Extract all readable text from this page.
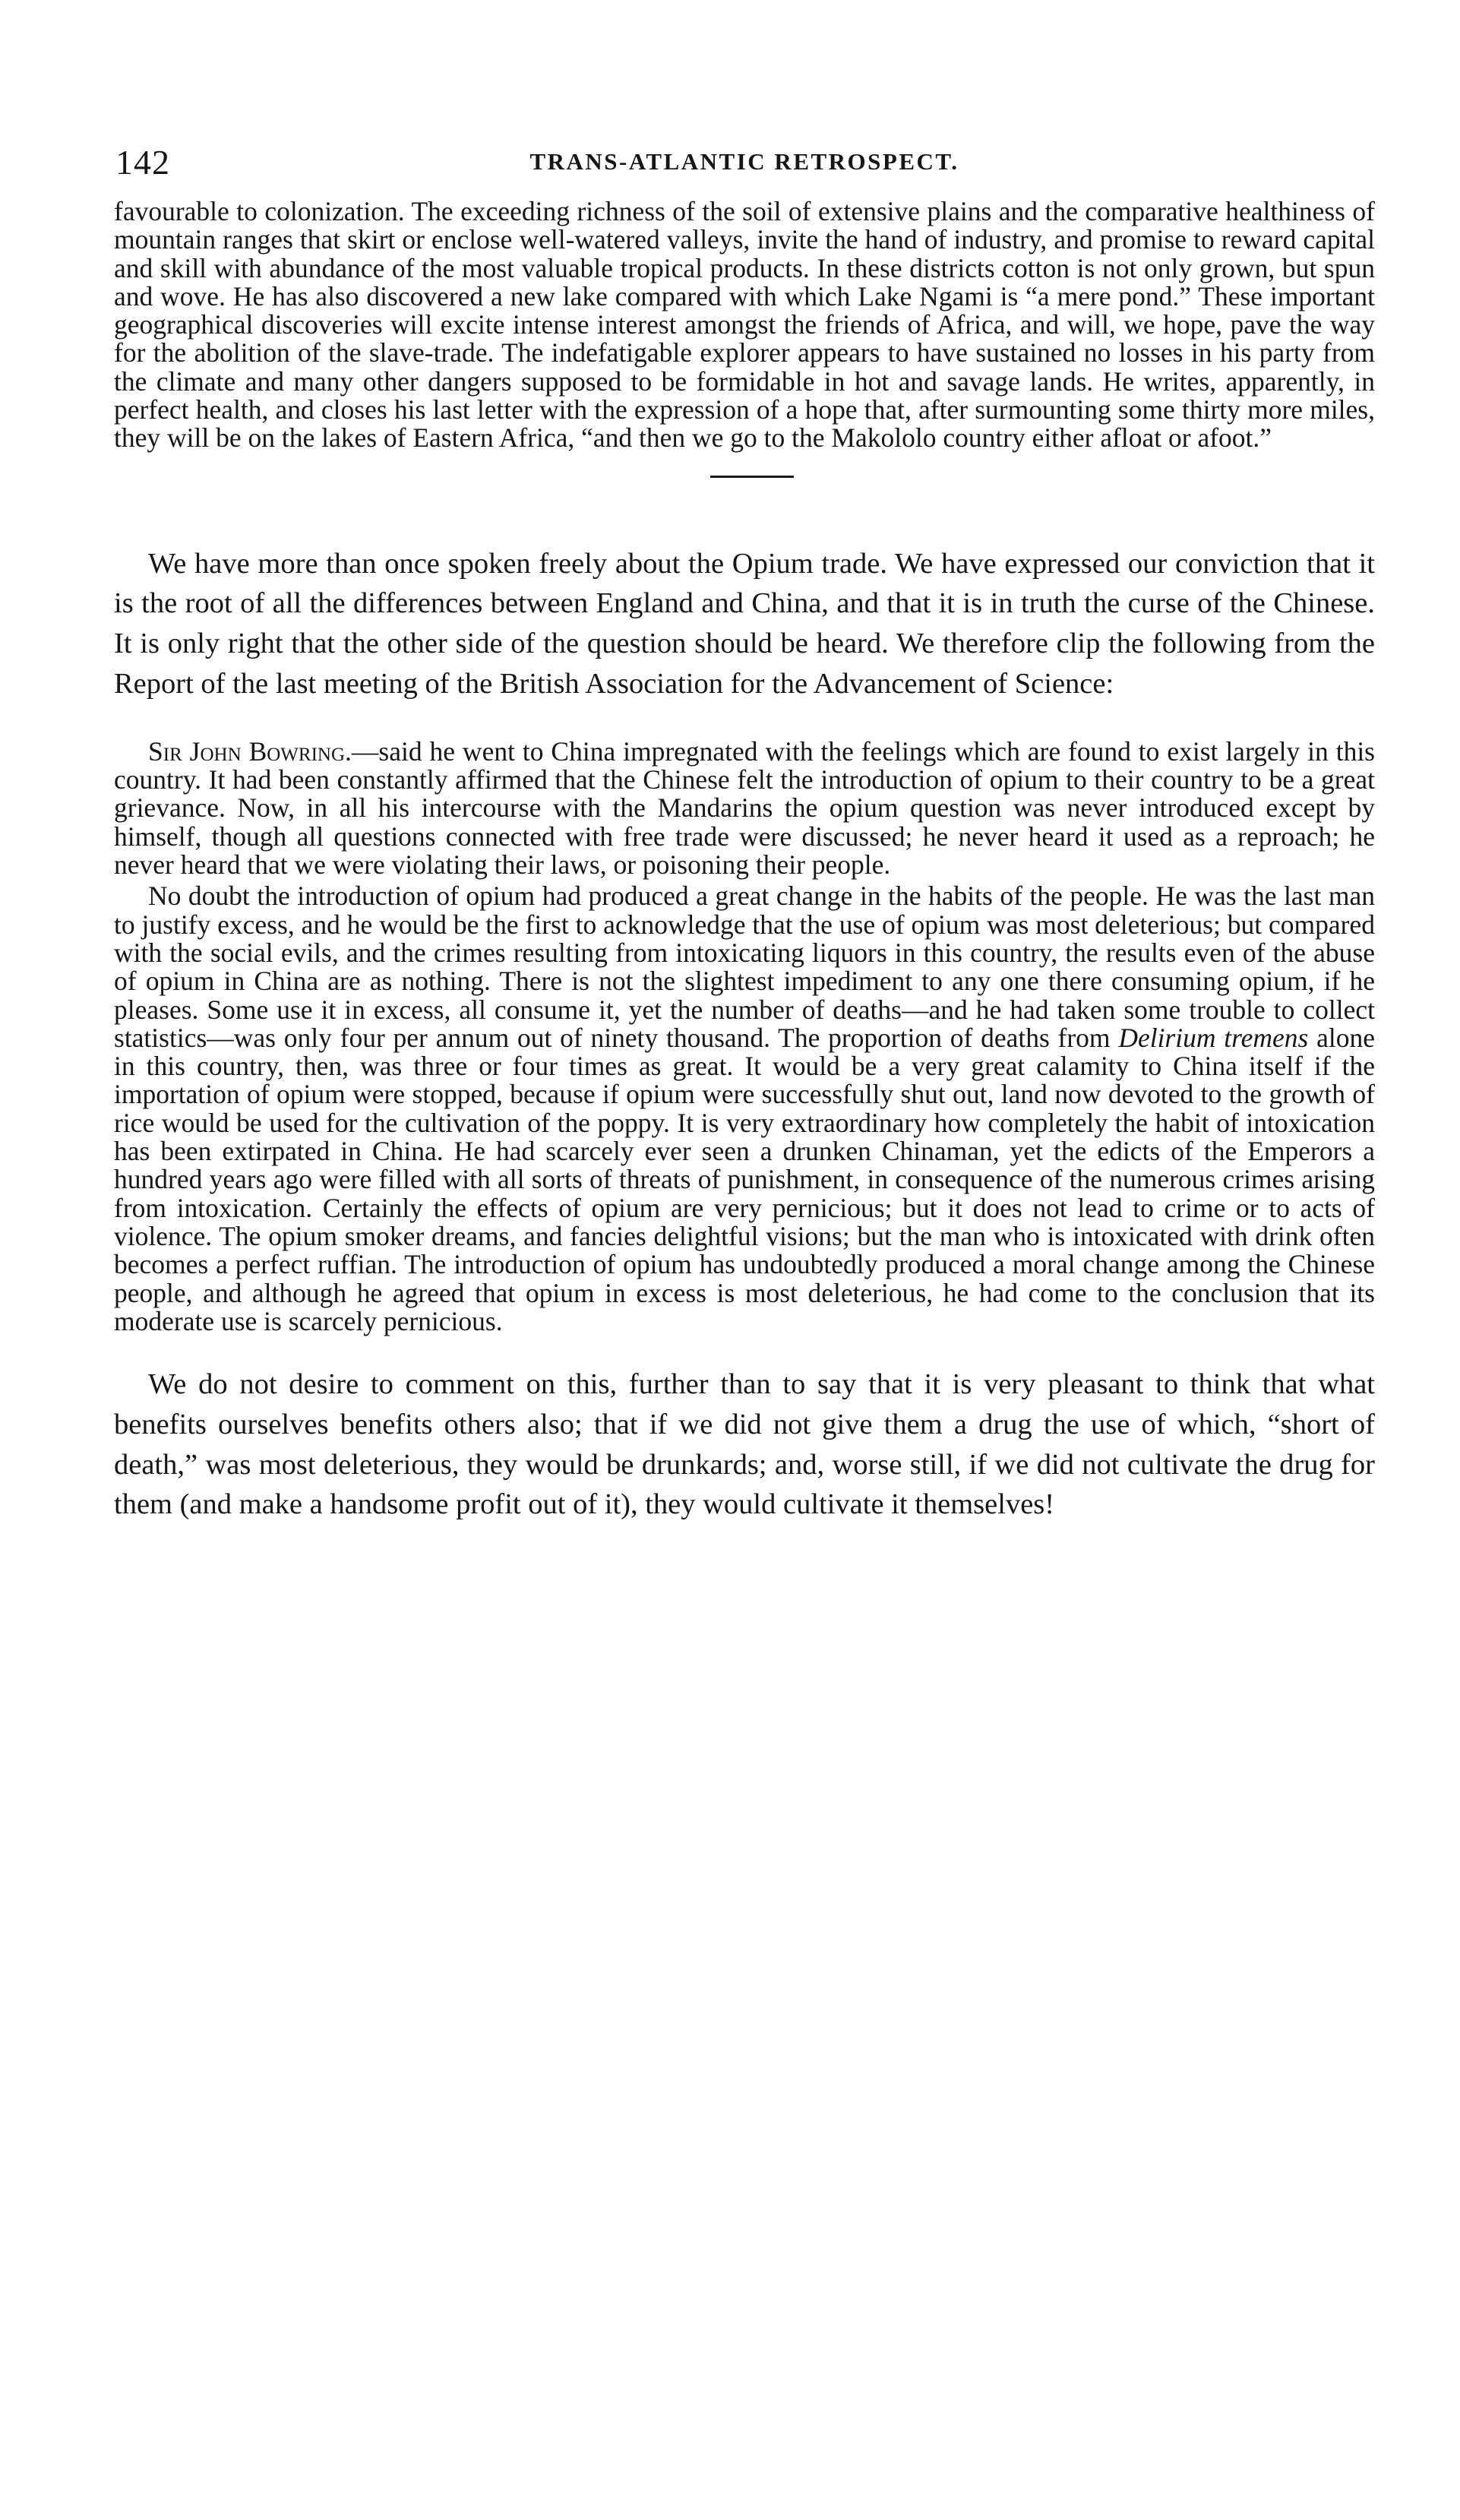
142	TRANS-ATLANTIC RETROSPECT.

favourable to colonization. The exceeding richness of the soil of extensive plains and the comparative healthiness of mountain ranges that skirt or enclose well-watered valleys, invite the hand of industry, and promise to reward capital and skill with abundance of the most valuable tropical products. In these districts cotton is not only grown, but spun and wove. He has also discovered a new lake compared with which Lake Ngami is “a mere pond.” These important geographical discoveries will excite intense interest amongst the friends of Africa, and will, we hope, pave the way for the abolition of the slave-trade. The indefatigable explorer appears to have sustained no losses in his party from the climate and many other dangers supposed to be formidable in hot and savage lands. He writes, apparently, in perfect health, and closes his last letter with the expression of a hope that, after surmounting some thirty more miles, they will be on the lakes of Eastern Africa, “and then we go to the Makololo country either afloat or afoot.”

We have more than once spoken freely about the Opium trade. We have expressed our conviction that it is the root of all the differences between England and China, and that it is in truth the curse of the Chinese. It is only right that the other side of the question should be heard. We therefore clip the following from the Report of the last meeting of the British Association for the Advancement of Science:

Sir John Bowring.—said he went to China impregnated with the feelings which are found to exist largely in this country. It had been constantly affirmed that the Chinese felt the introduction of opium to their country to be a great grievance. Now, in all his intercourse with the Mandarins the opium question was never introduced except by himself, though all questions connected with free trade were discussed; he never heard it used as a reproach; he never heard that we were violating their laws, or poisoning their people.

No doubt the introduction of opium had produced a great change in the habits of the people. He was the last man to justify excess, and he would be the first to acknowledge that the use of opium was most deleterious; but compared with the social evils, and the crimes resulting from intoxicating liquors in this country, the results even of the abuse of opium in China are as nothing. There is not the slightest impediment to any one there consuming opium, if he pleases. Some use it in excess, all consume it, yet the number of deaths—and he had taken some trouble to collect statistics—was only four per annum out of ninety thousand. The proportion of deaths from Delirium tremens alone in this country, then, was three or four times as great. It would be a very great calamity to China itself if the importation of opium were stopped, because if opium were successfully shut out, land now devoted to the growth of rice would be used for the cultivation of the poppy. It is very extraordinary how completely the habit of intoxication has been extirpated in China. He had scarcely ever seen a drunken Chinaman, yet the edicts of the Emperors a hundred years ago were filled with all sorts of threats of punishment, in consequence of the numerous crimes arising from intoxication. Certainly the effects of opium are very pernicious; but it does not lead to crime or to acts of violence. The opium smoker dreams, and fancies delightful visions; but the man who is intoxicated with drink often becomes a perfect ruffian. The introduction of opium has undoubtedly produced a moral change among the Chinese people, and although he agreed that opium in excess is most deleterious, he had come to the conclusion that its moderate use is scarcely pernicious.

We do not desire to comment on this, further than to say that it is very pleasant to think that what benefits ourselves benefits others also; that if we did not give them a drug the use of which, “short of death,” was most deleterious, they would be drunkards; and, worse still, if we did not cultivate the drug for them (and make a handsome profit out of it), they would cultivate it themselves!
